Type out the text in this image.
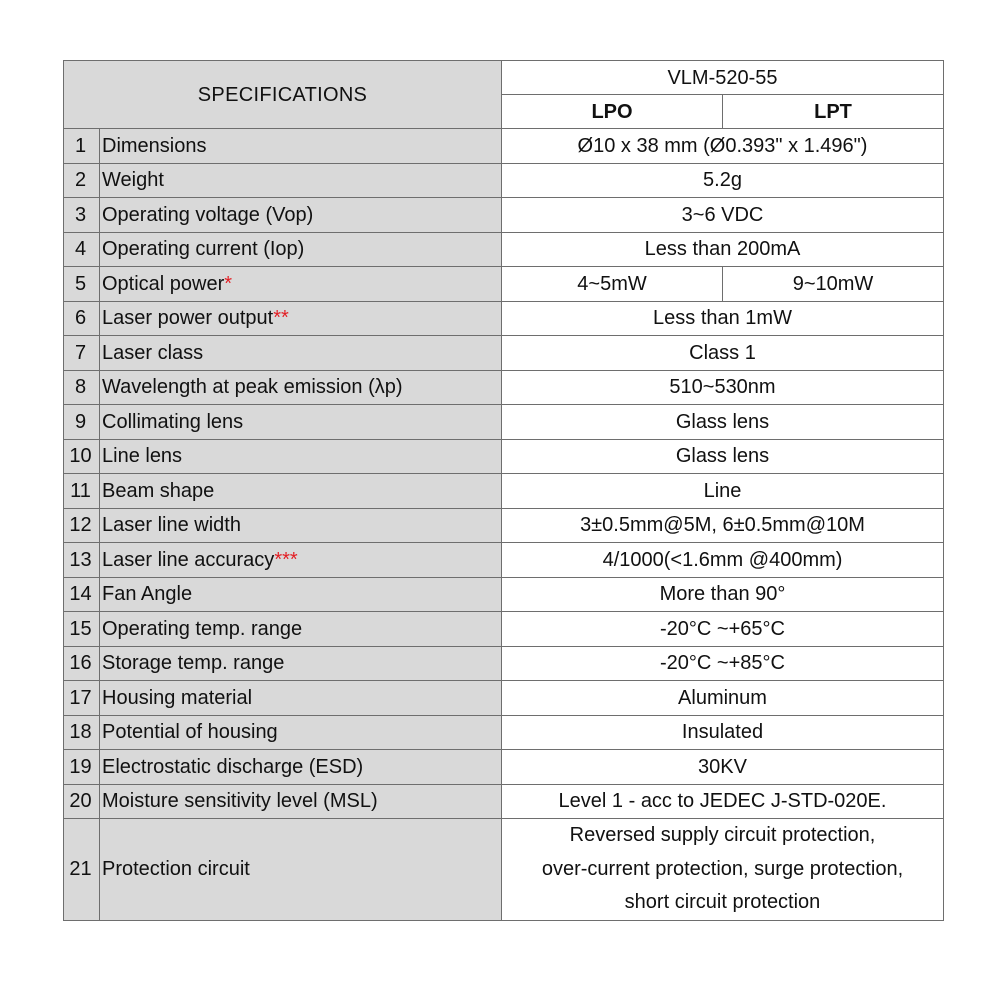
SPECIFICATIONS		VLM-520-55	
		LPO	LPT
1	Dimensions	Ø10 x 38 mm (Ø0.393" x 1.496")	
2	Weight	5.2g	
3	Operating voltage (Vop)	3~6 VDC	
4	Operating current (Iop)	Less than 200mA	
5	Optical power*	4~5mW	9~10mW
6	Laser power output**	Less than 1mW	
7	Laser class	Class 1	
8	Wavelength at peak emission (λp)	510~530nm	
9	Collimating lens	Glass lens	
10	Line lens	Glass lens	
11	Beam shape	Line	
12	Laser line width	3±0.5mm@5M, 6±0.5mm@10M	
13	Laser line accuracy***	4/1000(<1.6mm @400mm)	
14	Fan Angle	More than 90°	
15	Operating temp. range	-20°C ~+65°C	
16	Storage temp. range	-20°C ~+85°C	
17	Housing material	Aluminum	
18	Potential of housing	Insulated	
19	Electrostatic discharge (ESD)	30KV	
20	Moisture sensitivity level (MSL)	Level 1 - acc to JEDEC J-STD-020E.	
21	Protection circuit	Reversed supply circuit protection,
over-current protection, surge protection,
short circuit protection	
